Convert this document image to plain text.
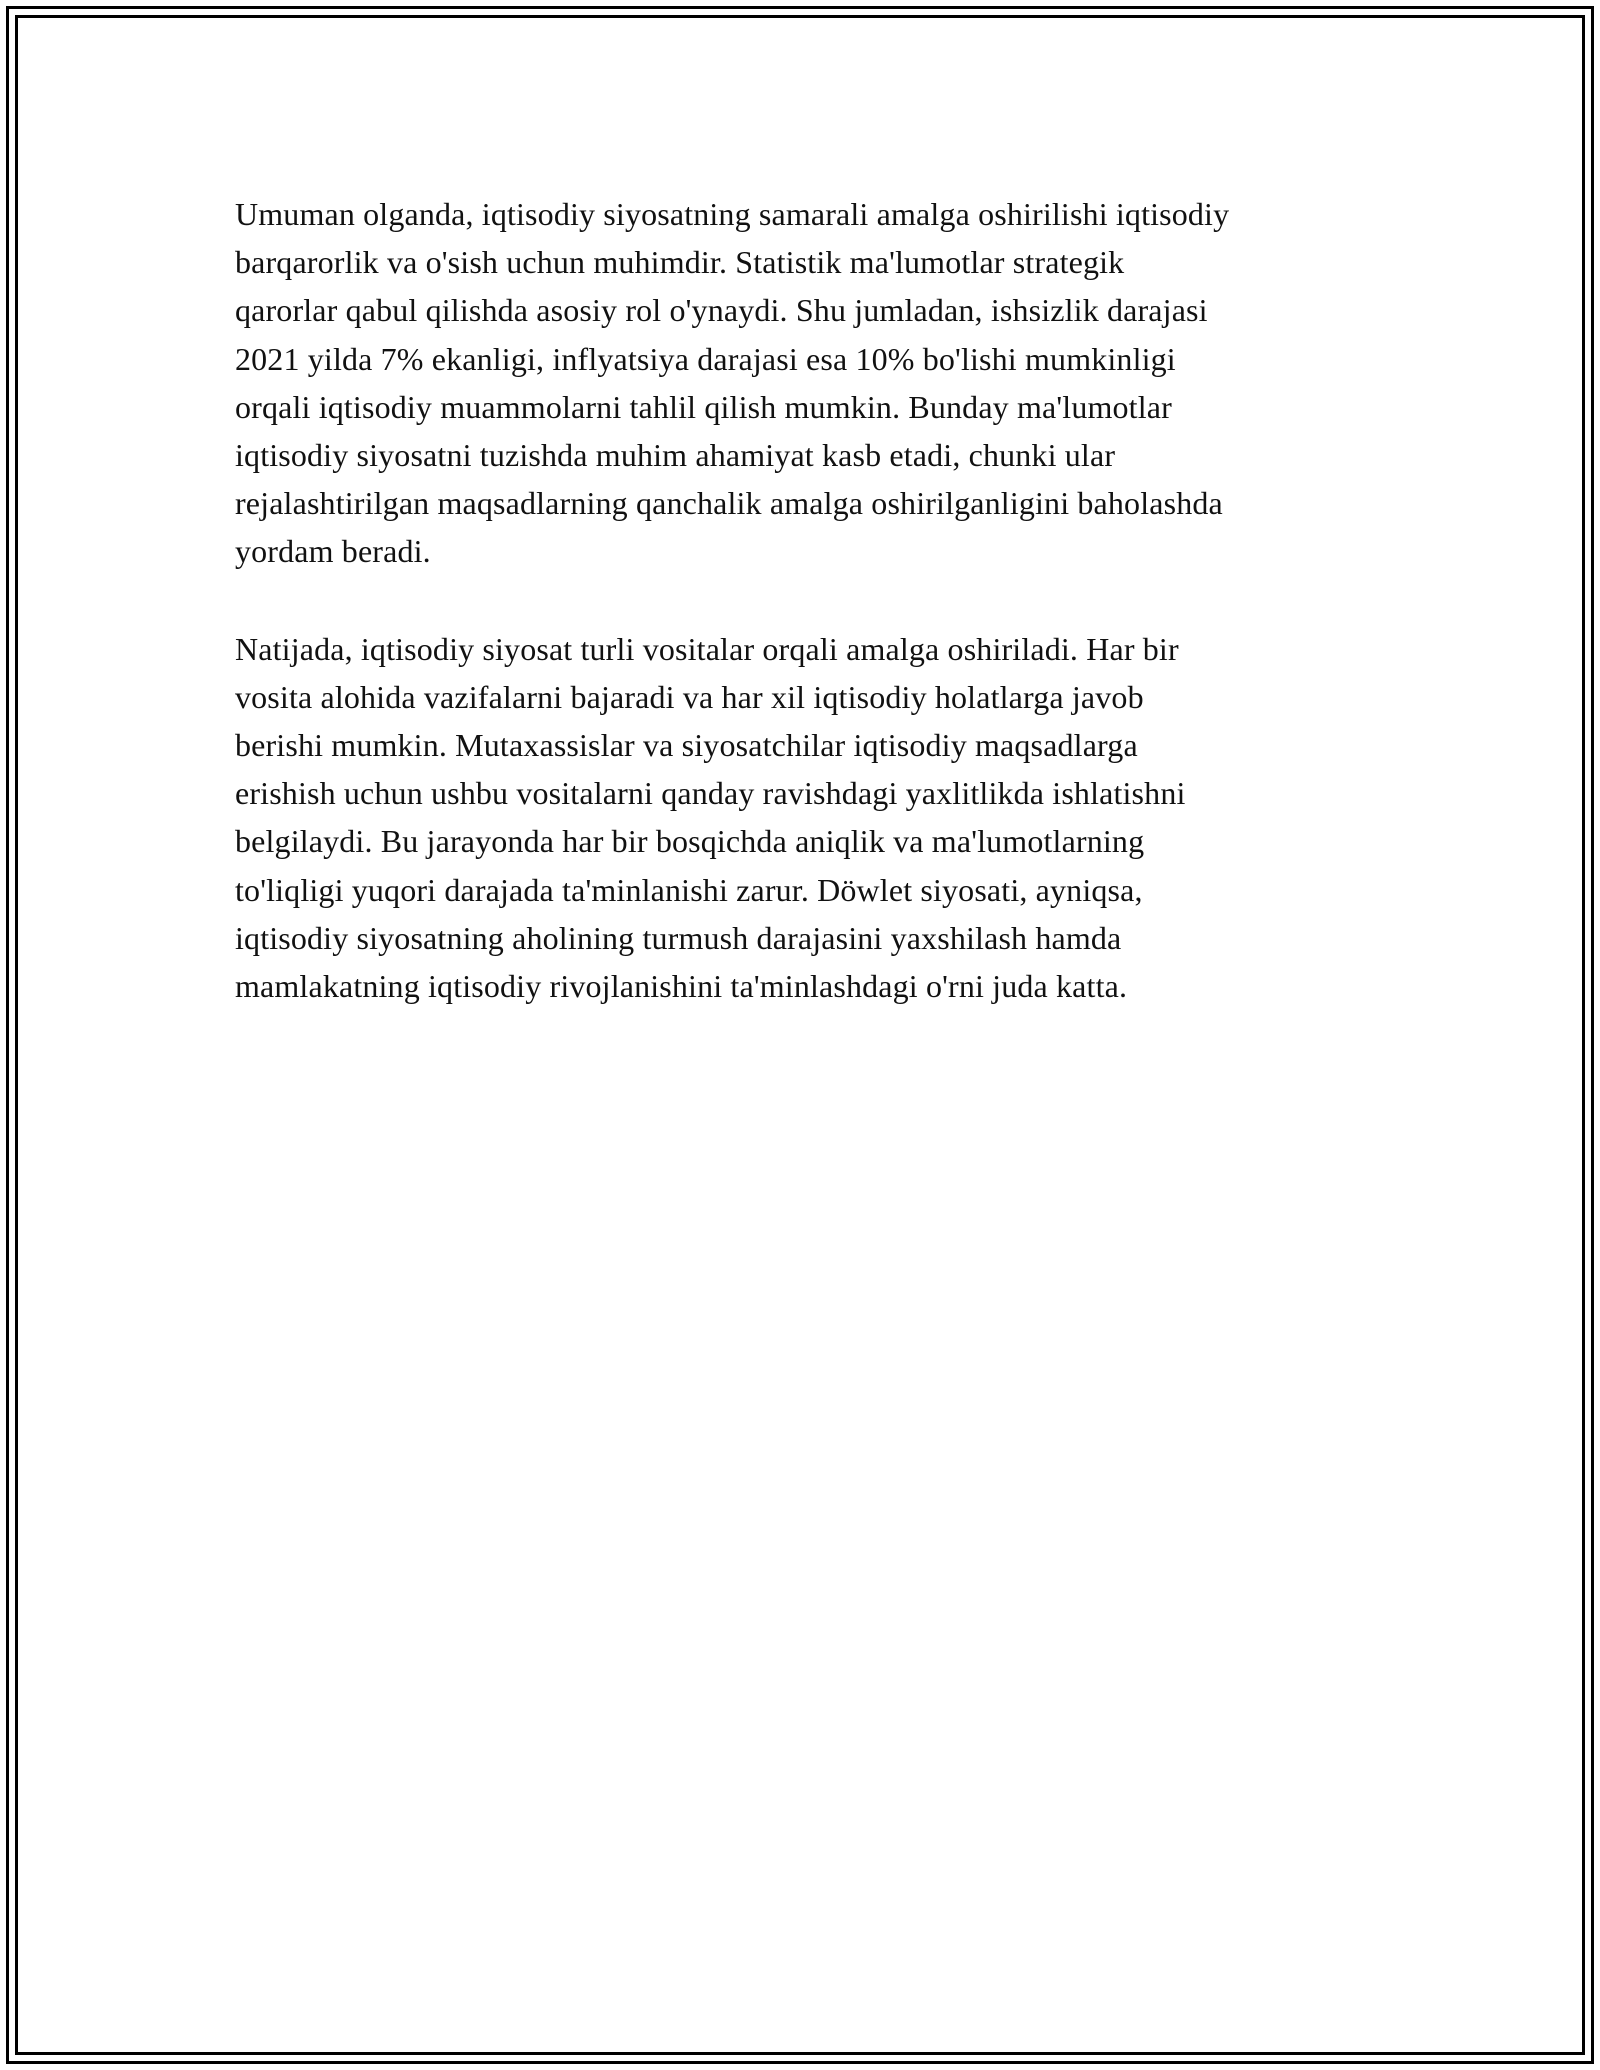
Umuman olganda, iqtisodiy siyosatning samarali amalga oshirilishi iqtisodiy
barqarorlik va o'sish uchun muhimdir. Statistik ma'lumotlar strategik
qarorlar qabul qilishda asosiy rol o'ynaydi. Shu jumladan, ishsizlik darajasi
2021 yilda 7% ekanligi, inflyatsiya darajasi esa 10% bo'lishi mumkinligi
orqali iqtisodiy muammolarni tahlil qilish mumkin. Bunday ma'lumotlar
iqtisodiy siyosatni tuzishda muhim ahamiyat kasb etadi, chunki ular
rejalashtirilgan maqsadlarning qanchalik amalga oshirilganligini baholashda
yordam beradi.

Natijada, iqtisodiy siyosat turli vositalar orqali amalga oshiriladi. Har bir
vosita alohida vazifalarni bajaradi va har xil iqtisodiy holatlarga javob
berishi mumkin. Mutaxassislar va siyosatchilar iqtisodiy maqsadlarga
erishish uchun ushbu vositalarni qanday ravishdagi yaxlitlikda ishlatishni
belgilaydi. Bu jarayonda har bir bosqichda aniqlik va ma'lumotlarning
to'liqligi yuqori darajada ta'minlanishi zarur. Döwlet siyosati, ayniqsa,
iqtisodiy siyosatning aholining turmush darajasini yaxshilash hamda
mamlakatning iqtisodiy rivojlanishini ta'minlashdagi o'rni juda katta.
